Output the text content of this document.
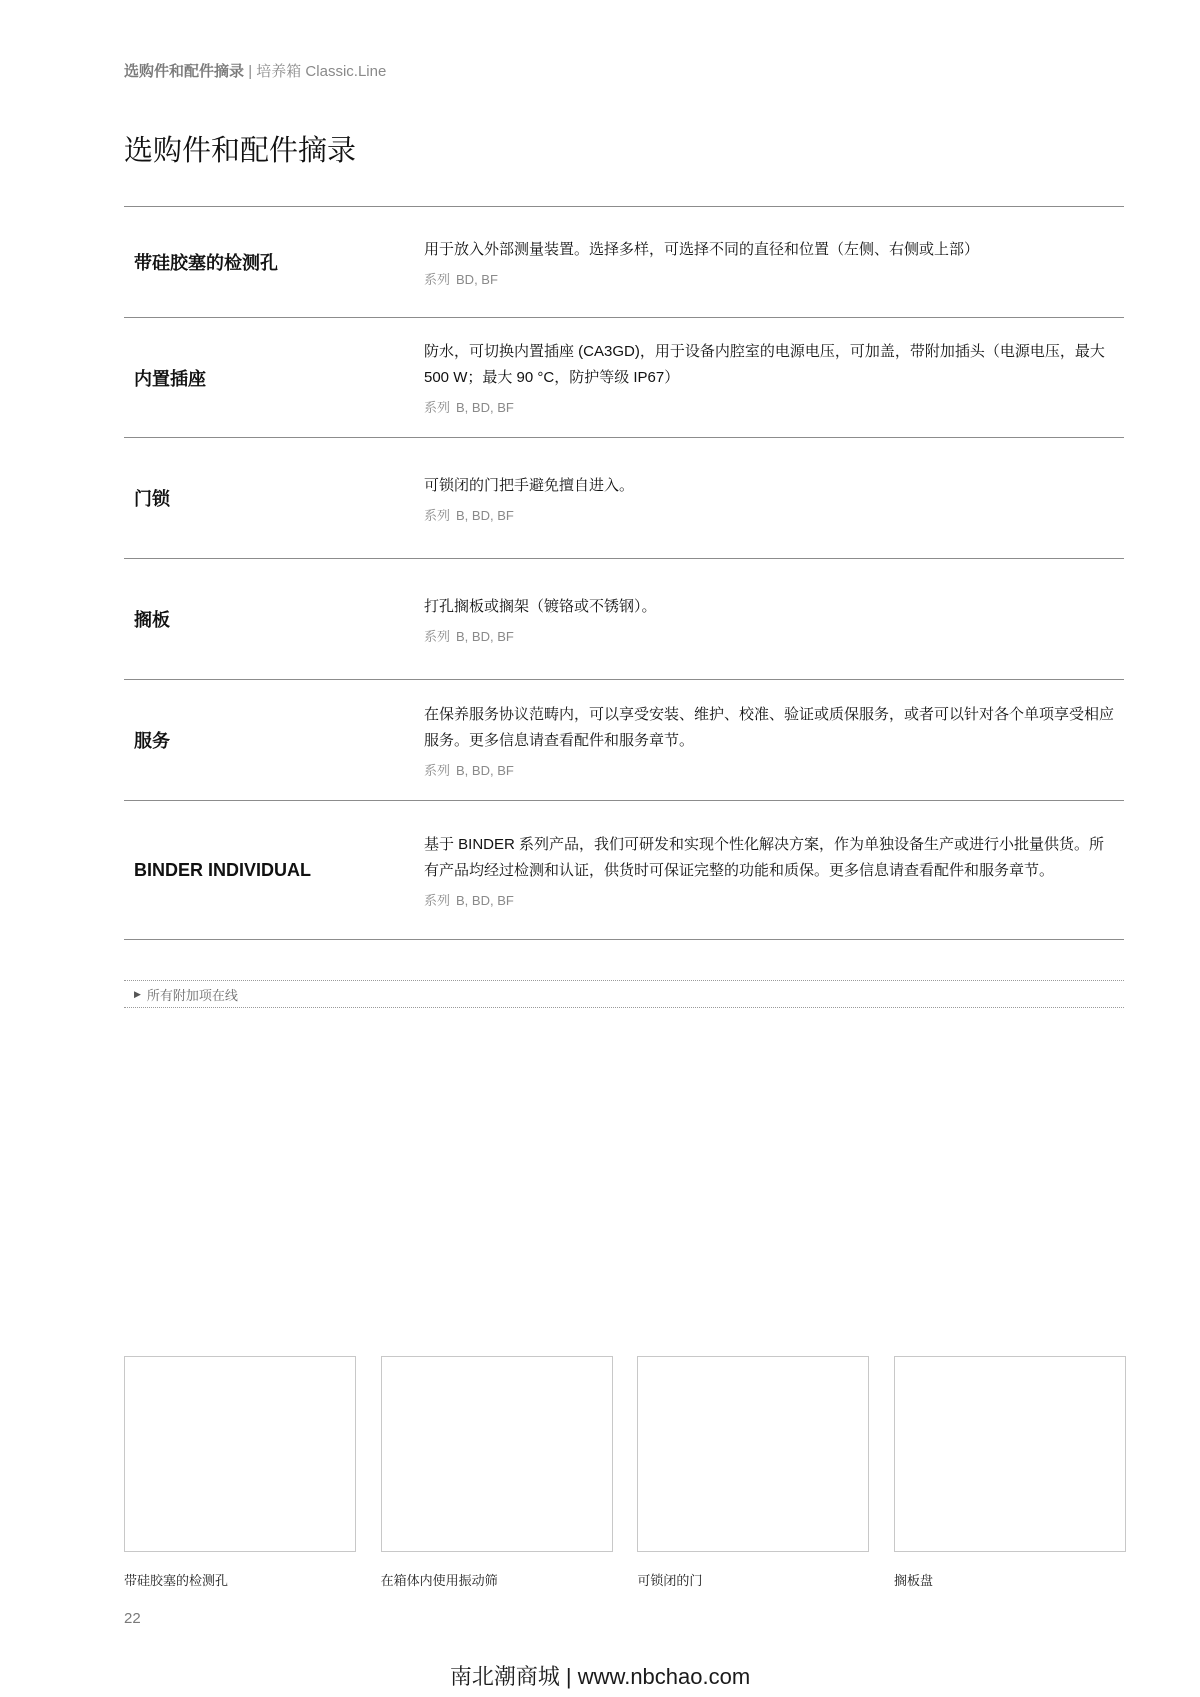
选购件和配件摘录 | 培养箱 Classic.Line
选购件和配件摘录
带硅胶塞的检测孔
用于放入外部测量装置。选择多样，可选择不同的直径和位置（左侧、右侧或上部）
系列 BD, BF
内置插座
防水，可切换内置插座 (CA3GD)，用于设备内腔室的电源电压，可加盖，带附加插头（电源电压，最大 500 W；最大 90 °C，防护等级 IP67）
系列 B, BD, BF
门锁
可锁闭的门把手避免擅自进入。
系列 B, BD, BF
搁板
打孔搁板或搁架（镀铬或不锈钢）。
系列 B, BD, BF
服务
在保养服务协议范畴内，可以享受安装、维护、校准、验证或质保服务，或者可以针对各个单项享受相应服务。更多信息请查看配件和服务章节。
系列 B, BD, BF
BINDER INDIVIDUAL
基于 BINDER 系列产品，我们可研发和实现个性化解决方案，作为单独设备生产或进行小批量供货。所有产品均经过检测和认证，供货时可保证完整的功能和质保。更多信息请查看配件和服务章节。
系列 B, BD, BF
▶ 所有附加项在线
带硅胶塞的检测孔	在箱体内使用振动筛	可锁闭的门	搁板盘
22
南北潮商城 | www.nbchao.com
